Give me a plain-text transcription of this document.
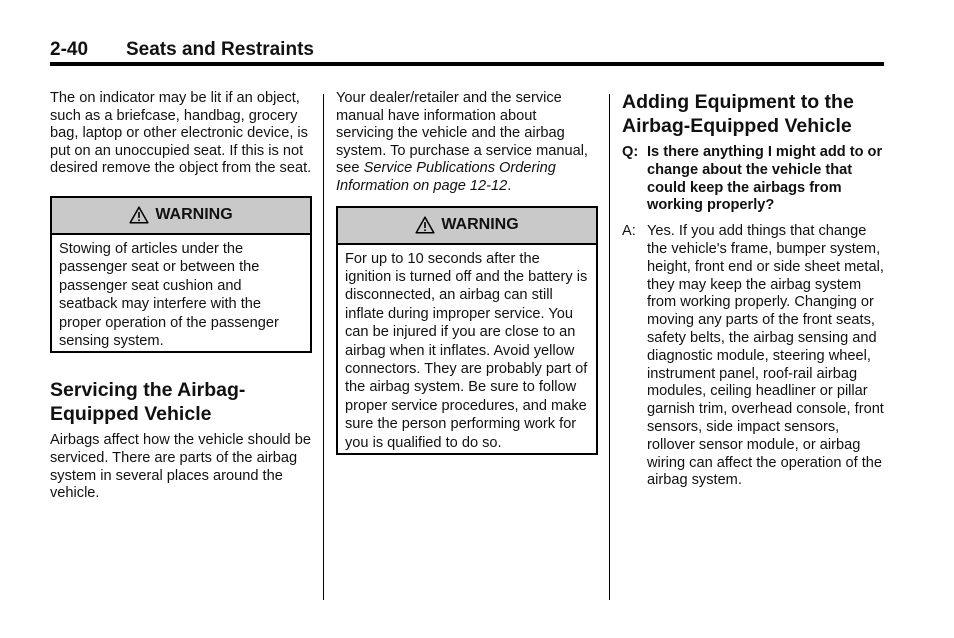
2-40 Seats and Restraints

The on indicator may be lit if an object, such as a briefcase, handbag, grocery bag, laptop or other electronic device, is put on an unoccupied seat. If this is not desired remove the object from the seat.

WARNING
Stowing of articles under the passenger seat or between the passenger seat cushion and seatback may interfere with the proper operation of the passenger sensing system.
Servicing the Airbag-Equipped Vehicle

Airbags affect how the vehicle should be serviced. There are parts of the airbag system in several places around the vehicle.

Your dealer/retailer and the service manual have information about servicing the vehicle and the airbag system. To purchase a service manual, see Service Publications Ordering Information on page 12-12.

WARNING
For up to 10 seconds after the ignition is turned off and the battery is disconnected, an airbag can still inflate during improper service. You can be injured if you are close to an airbag when it inflates. Avoid yellow connectors. They are probably part of the airbag system. Be sure to follow proper service procedures, and make sure the person performing work for you is qualified to do so.
Adding Equipment to the Airbag-Equipped Vehicle
Q: Is there anything I might add to or change about the vehicle that could keep the airbags from working properly?
A: Yes. If you add things that change the vehicle's frame, bumper system, height, front end or side sheet metal, they may keep the airbag system from working properly. Changing or moving any parts of the front seats, safety belts, the airbag sensing and diagnostic module, steering wheel, instrument panel, roof-rail airbag modules, ceiling headliner or pillar garnish trim, overhead console, front sensors, side impact sensors, rollover sensor module, or airbag wiring can affect the operation of the airbag system.
